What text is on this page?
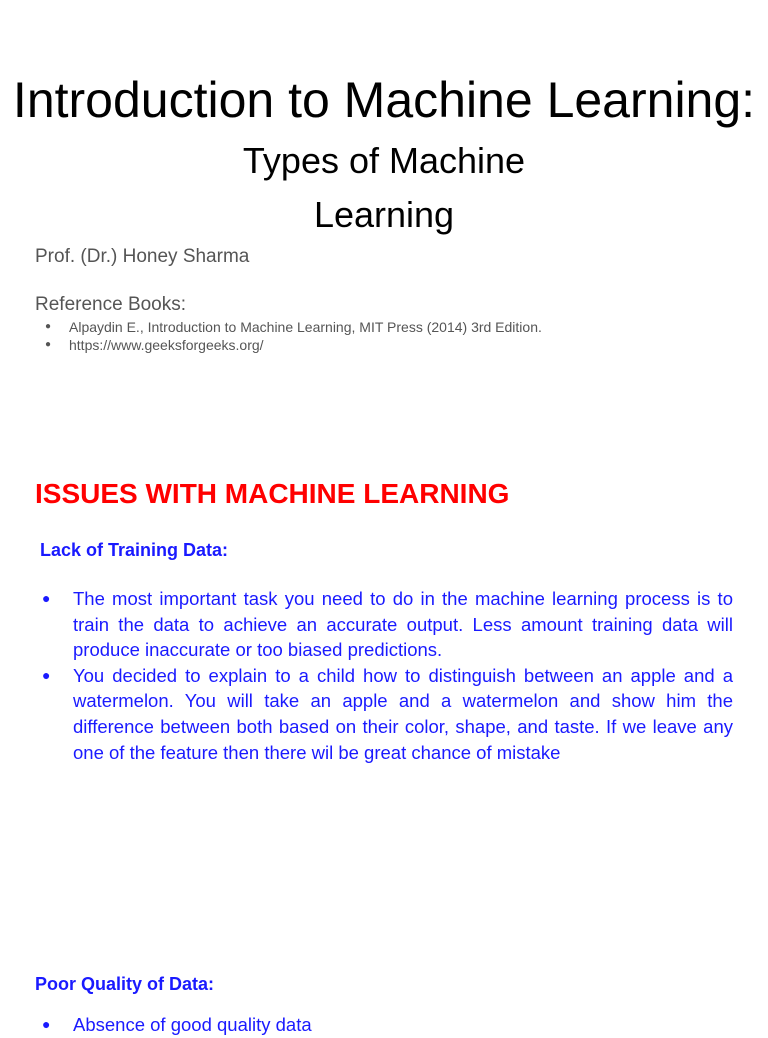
Introduction to Machine Learning: Types of Machine
Learning
Prof. (Dr.) Honey Sharma
Reference Books:
● Alpaydin E., Introduction to Machine Learning, MIT Press (2014) 3rd Edition.
● https://www.geeksforgeeks.org/
ISSUES WITH MACHINE LEARNING
Lack of Training Data:
● The most important task you need to do in the machine learning process is to train the data to achieve an accurate output. Less amount training data will produce inaccurate or too biased predictions.
● You decided to explain to a child how to distinguish between an apple and a watermelon. You will take an apple and a watermelon and show him the difference between both based on their color, shape, and taste. If we leave any one of the feature then there wil be great chance of mistake
Poor Quality of Data:
● Absence of good quality data
